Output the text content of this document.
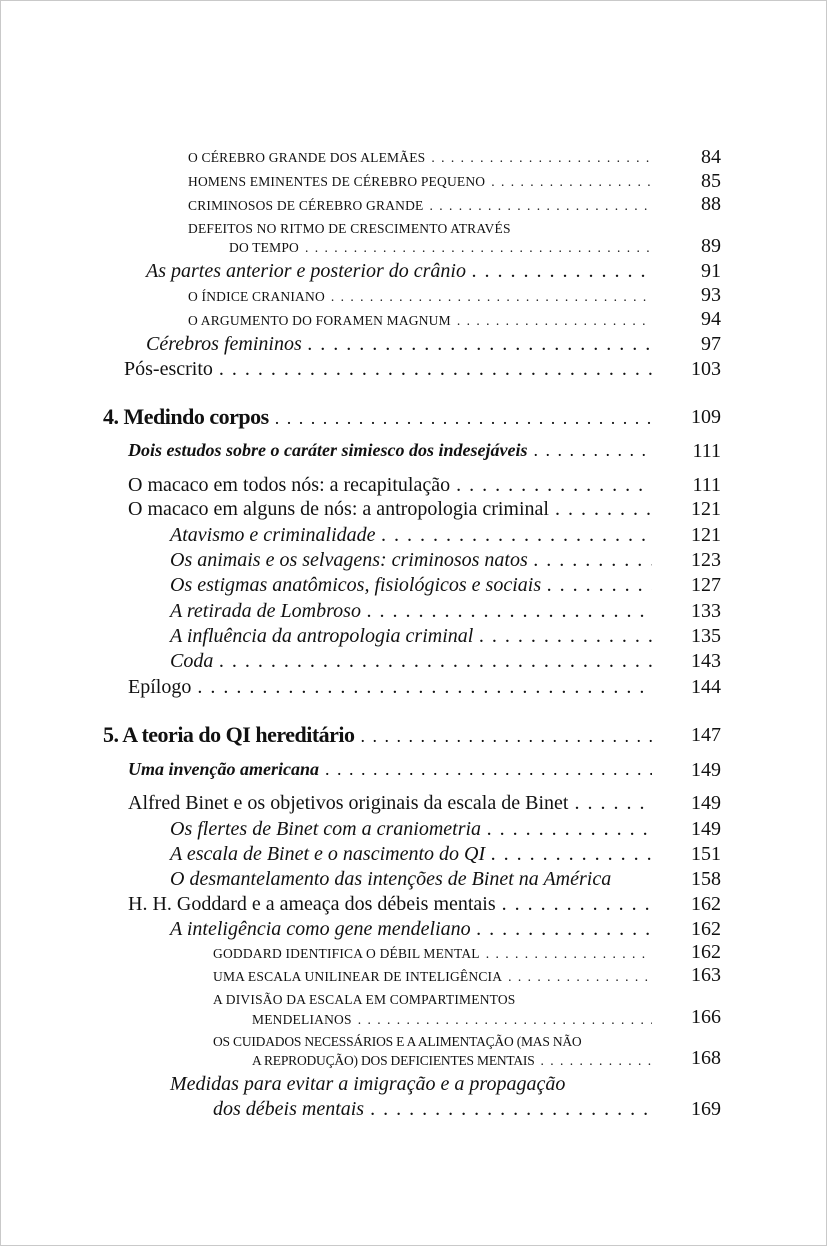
O CÉREBRO GRANDE DOS ALEMÃES . . .	84
HOMENS EMINENTES DE CÉREBRO PEQUENO . . .	85
CRIMINOSOS DE CÉREBRO GRANDE . . .	88
DEFEITOS NO RITMO DE CRESCIMENTO ATRAVÉS
DO TEMPO . . .	89
As partes anterior e posterior do crânio . . .	91
O ÍNDICE CRANIANO . . .	93
O ARGUMENTO DO FORAMEN MAGNUM . . .	94
Cérebros femininos . . .	97
Pós-escrito . . .	103
4. Medindo corpos . . .	109
Dois estudos sobre o caráter simiesco dos indesejáveis . . .	111
O macaco em todos nós: a recapitulação . . .	111
O macaco em alguns de nós: a antropologia criminal . . .	121
Atavismo e criminalidade . . .	121
Os animais e os selvagens: criminosos natos . . .	123
Os estigmas anatômicos, fisiológicos e sociais . . .	127
A retirada de Lombroso . . .	133
A influência da antropologia criminal . . .	135
Coda . . .	143
Epílogo . . .	144
5. A teoria do QI hereditário . . .	147
Uma invenção americana . . .	149
Alfred Binet e os objetivos originais da escala de Binet . . .	149
Os flertes de Binet com a craniometria . . .	149
A escala de Binet e o nascimento do QI . . .	151
O desmantelamento das intenções de Binet na América	158
H. H. Goddard e a ameaça dos débeis mentais . . .	162
A inteligência como gene mendeliano . . .	162
GODDARD IDENTIFICA O DÉBIL MENTAL . . .	162
UMA ESCALA UNILINEAR DE INTELIGÊNCIA . . .	163
A DIVISÃO DA ESCALA EM COMPARTIMENTOS
MENDELIANOS . . .	166
OS CUIDADOS NECESSÁRIOS E A ALIMENTAÇÃO (MAS NÃO
A REPRODUÇÃO) DOS DEFICIENTES MENTAIS . . .	168
Medidas para evitar a imigração e a propagação
dos débeis mentais . . .	169
